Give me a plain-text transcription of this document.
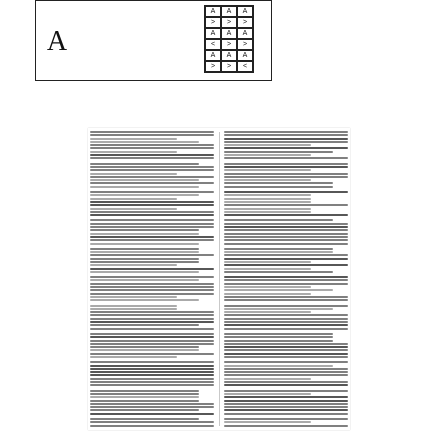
A
A	A	A
>	>	>
A	A	A
<	>	>
A	A	A
>	>	<
